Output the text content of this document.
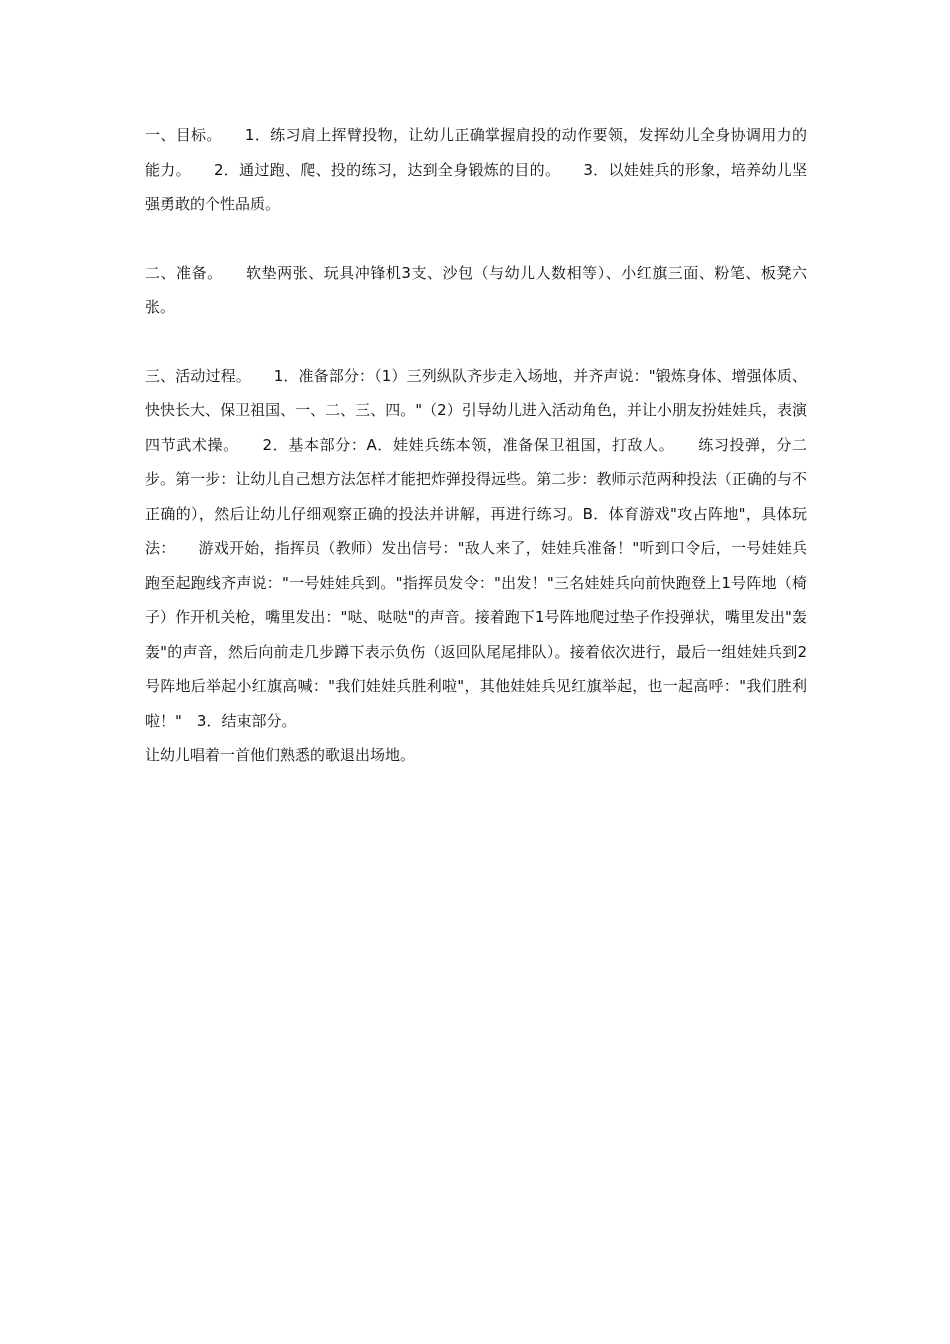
一、目标。　　1．练习肩上挥臂投物，让幼儿正确掌握肩投的动作要领，发挥幼儿全身协调用力的能力。　　2．通过跑、爬、投的练习，达到全身锻炼的目的。　　3．以娃娃兵的形象，培养幼儿坚强勇敢的个性品质。

二、准备。　　软垫两张、玩具冲锋机3支、沙包（与幼儿人数相等）、小红旗三面、粉笔、板凳六张。

三、活动过程。　　1．准备部分：（1）三列纵队齐步走入场地，并齐声说："锻炼身体、增强体质、快快长大、保卫祖国、一、二、三、四。"（2）引导幼儿进入活动角色，并让小朋友扮娃娃兵，表演四节武术操。　　2．基本部分：A．娃娃兵练本领，准备保卫祖国，打敌人。　　练习投弹，分二步。第一步：让幼儿自己想方法怎样才能把炸弹投得远些。第二步：教师示范两种投法（正确的与不正确的），然后让幼儿仔细观察正确的投法并讲解，再进行练习。B．体育游戏"攻占阵地"，具体玩法：　　游戏开始，指挥员（教师）发出信号："敌人来了，娃娃兵准备！"听到口令后，一号娃娃兵跑至起跑线齐声说："一号娃娃兵到。"指挥员发令："出发！"三名娃娃兵向前快跑登上1号阵地（椅子）作开机关枪，嘴里发出："哒、哒哒"的声音。接着跑下1号阵地爬过垫子作投弹状，嘴里发出"轰轰"的声音，然后向前走几步蹲下表示负伤（返回队尾尾排队）。接着依次进行，最后一组娃娃兵到2号阵地后举起小红旗高喊："我们娃娃兵胜利啦"，其他娃娃兵见红旗举起，也一起高呼："我们胜利啦！"　3．结束部分。

让幼儿唱着一首他们熟悉的歌退出场地。
